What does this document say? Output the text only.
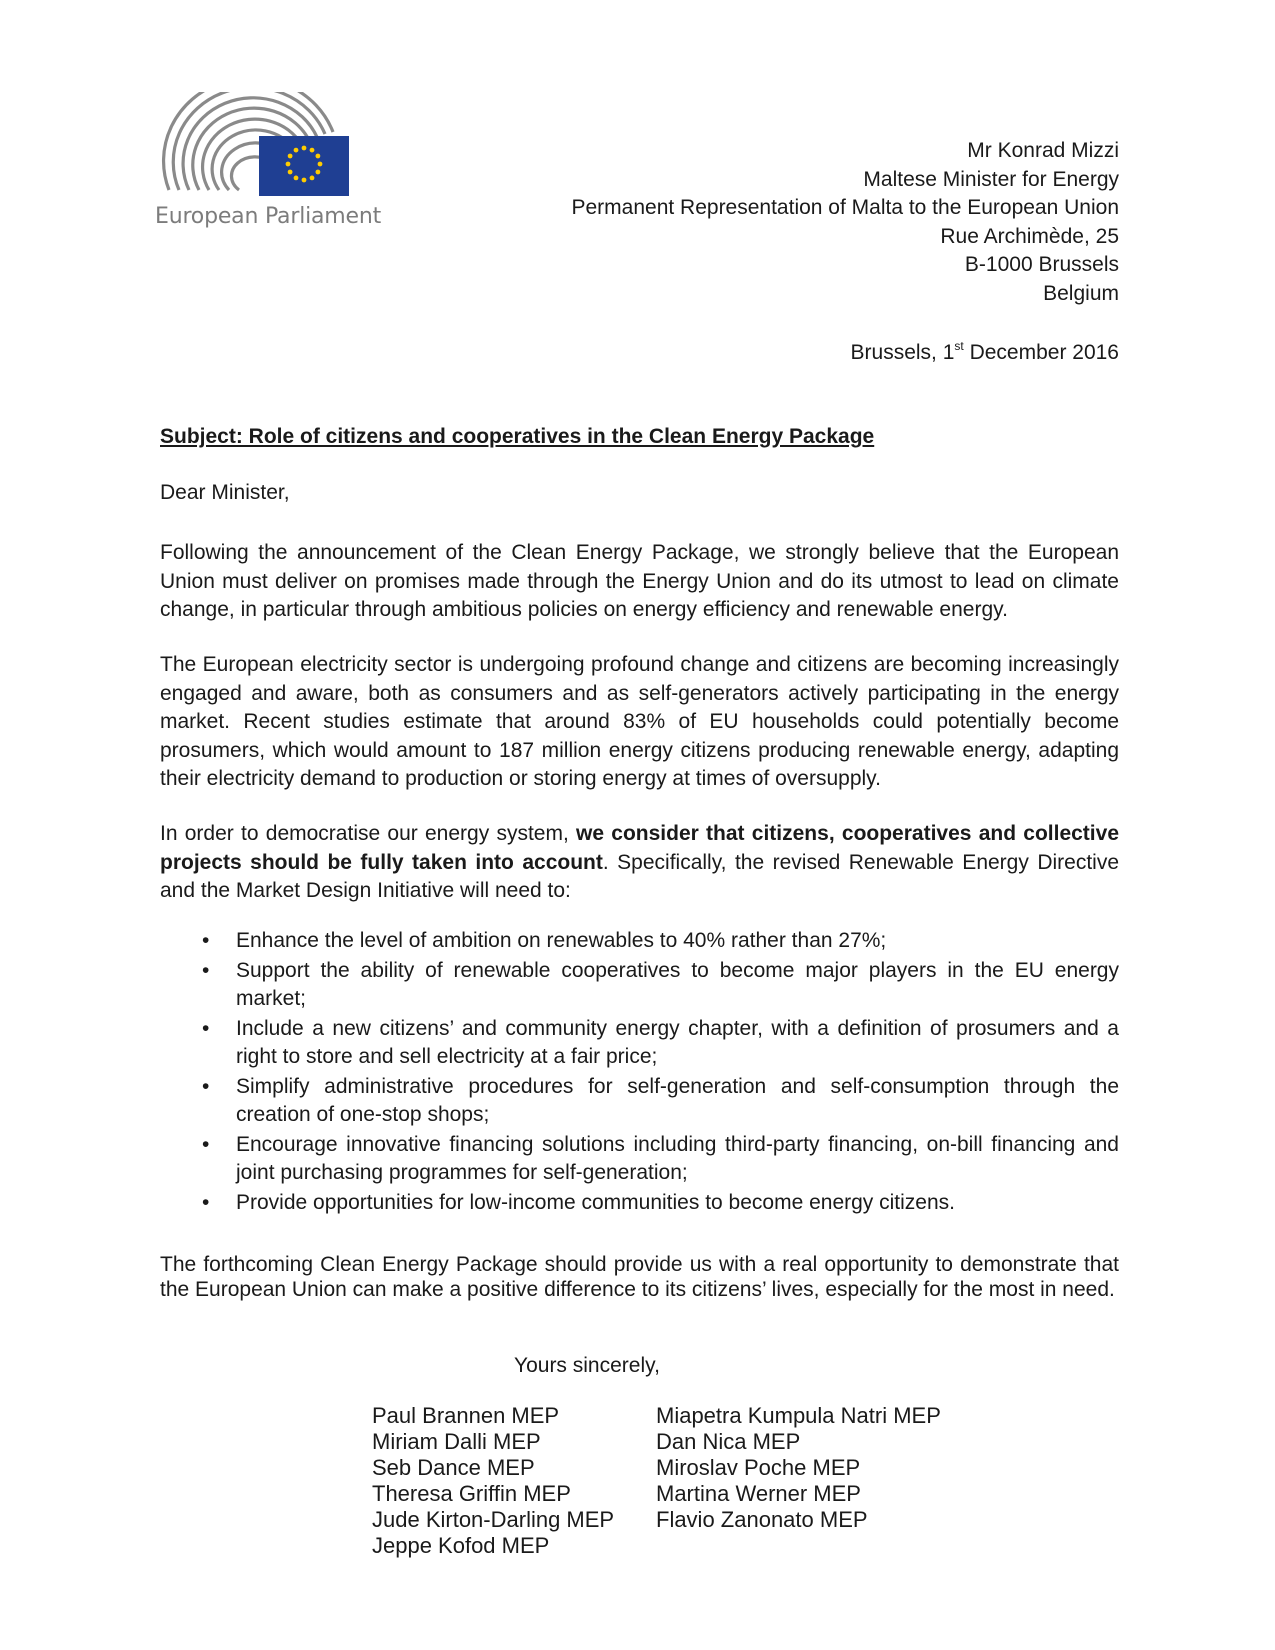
European Parliament
Mr Konrad Mizzi
Maltese Minister for Energy
Permanent Representation of Malta to the European Union
Rue Archimède, 25
B-1000 Brussels
Belgium
Brussels, 1st December 2016
Subject: Role of citizens and cooperatives in the Clean Energy Package
Dear Minister,
Following the announcement of the Clean Energy Package, we strongly believe that the European Union must deliver on promises made through the Energy Union and do its utmost to lead on climate change, in particular through ambitious policies on energy efficiency and renewable energy.
The European electricity sector is undergoing profound change and citizens are becoming increasingly engaged and aware, both as consumers and as self-generators actively participating in the energy market. Recent studies estimate that around 83% of EU households could potentially become prosumers, which would amount to 187 million energy citizens producing renewable energy, adapting their electricity demand to production or storing energy at times of oversupply.
In order to democratise our energy system, we consider that citizens, cooperatives and collective projects should be fully taken into account. Specifically, the revised Renewable Energy Directive and the Market Design Initiative will need to:
• Enhance the level of ambition on renewables to 40% rather than 27%;
• Support the ability of renewable cooperatives to become major players in the EU energy market;
• Include a new citizens’ and community energy chapter, with a definition of prosumers and a right to store and sell electricity at a fair price;
• Simplify administrative procedures for self-generation and self-consumption through the creation of one-stop shops;
• Encourage innovative financing solutions including third-party financing, on-bill financing and joint purchasing programmes for self-generation;
• Provide opportunities for low-income communities to become energy citizens.
The forthcoming Clean Energy Package should provide us with a real opportunity to demonstrate that the European Union can make a positive difference to its citizens’ lives, especially for the most in need.
Yours sincerely,
Paul Brannen MEP
Miriam Dalli MEP
Seb Dance MEP
Theresa Griffin MEP
Jude Kirton-Darling MEP
Jeppe Kofod MEP
Miapetra Kumpula Natri MEP
Dan Nica MEP
Miroslav Poche MEP
Martina Werner MEP
Flavio Zanonato MEP
